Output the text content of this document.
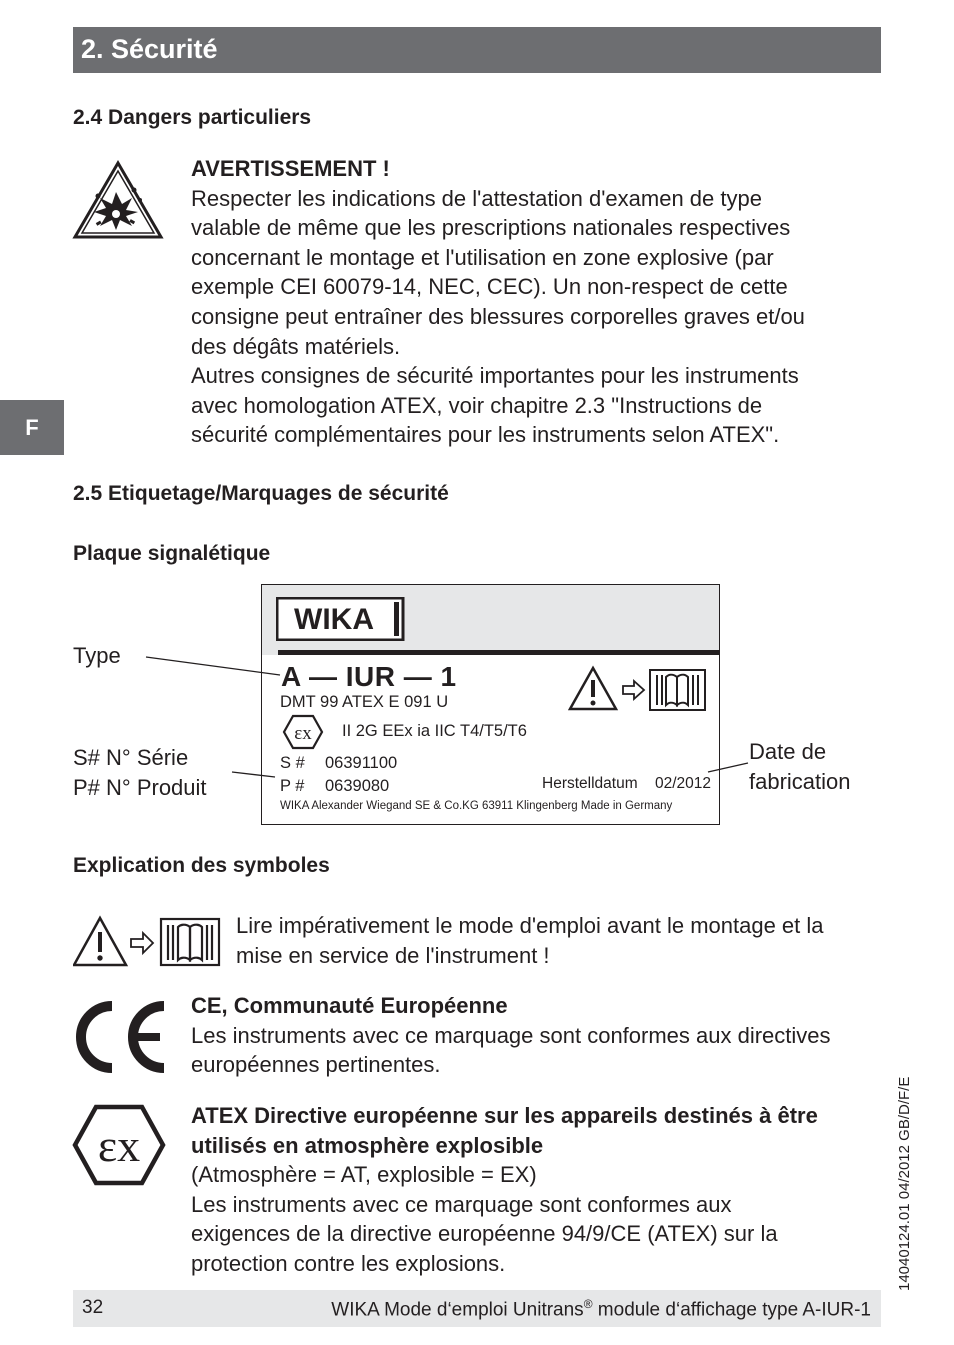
2. Sécurité
2.4 Dangers particuliers
AVERTISSEMENT !
Respecter les indications de l'attestation d'examen de type
valable de même que les prescriptions nationales respectives
concernant le montage et l'utilisation en zone explosive (par
exemple CEI 60079-14, NEC, CEC). Un non-respect de cette
consigne peut entraîner des blessures corporelles graves et/ou
des dégâts matériels.
Autres consignes de sécurité importantes pour les instruments
avec homologation ATEX, voir chapitre 2.3 "Instructions de
sécurité complémentaires pour les instruments selon ATEX".
F
2.5 Etiquetage/Marquages de sécurité
Plaque signalétique
WIKA
A — IUR — 1
DMT 99 ATEX E 091 U
εx II 2G EEx ia IIC T4/T5/T6
S # 06391100
P # 0639080	Herstelldatum 02/2012
WIKA Alexander Wiegand SE & Co.KG 63911 Klingenberg Made in Germany
Type
S# N° Série
P# N° Produit
Date de
fabrication
Explication des symboles
Lire impérativement le mode d'emploi avant le montage et la
mise en service de l'instrument !
CE, Communauté Européenne
Les instruments avec ce marquage sont conformes aux directives
européennes pertinentes.
εx
ATEX Directive européenne sur les appareils destinés à être
utilisés en atmosphère explosible
(Atmosphère = AT, explosible = EX)
Les instruments avec ce marquage sont conformes aux
exigences de la directive européenne 94/9/CE (ATEX) sur la
protection contre les explosions.
32	WIKA Mode d‘emploi Unitrans® module d‘affichage type A-IUR-1
14040124.01 04/2012 GB/D/F/E
